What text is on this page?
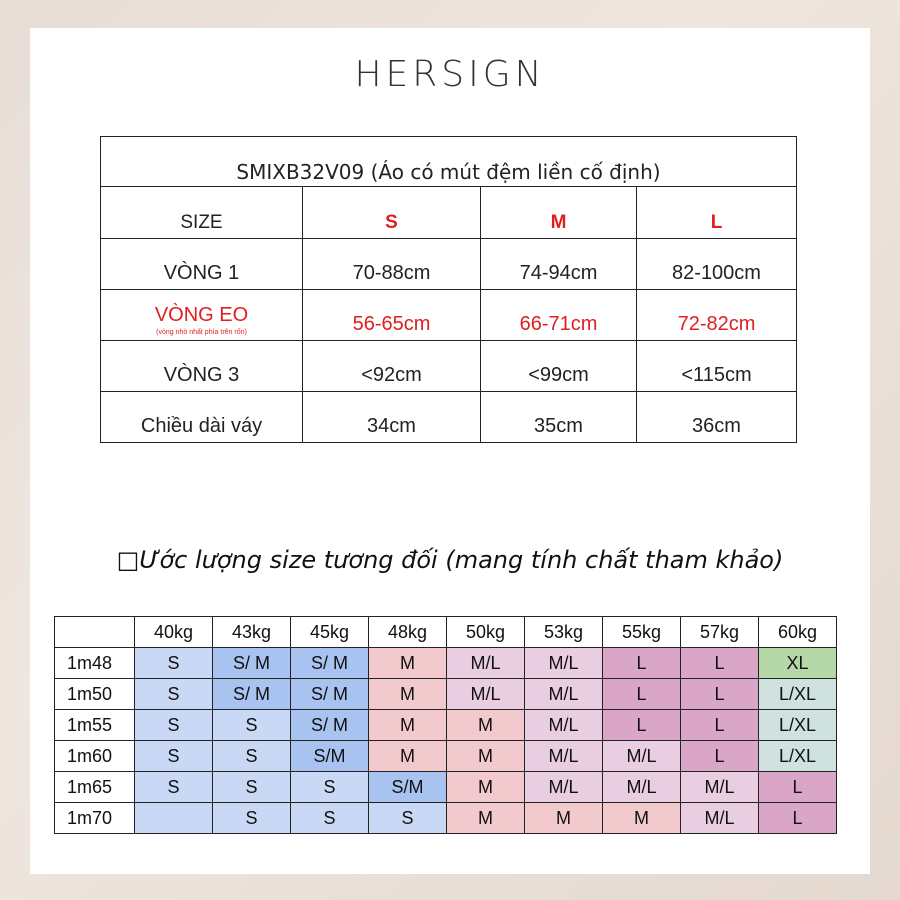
HERSIGN
SMIXB32V09 (Áo có mút đệm liền cố định)			
SIZE	S	M	L
VÒNG 1	70-88cm	74-94cm	82-100cm
VÒNG EO
(vòng nhỏ nhất phía trên rốn)	56-65cm	66-71cm	72-82cm
VÒNG 3	<92cm	<99cm	<115cm
Chiều dài váy	34cm	35cm	36cm
□Ước lượng size tương đối (mang tính chất tham khảo)
	40kg	43kg	45kg	48kg	50kg	53kg	55kg	57kg	60kg
1m48	S	S/ M	S/ M	M	M/L	M/L	L	L	XL
1m50	S	S/ M	S/ M	M	M/L	M/L	L	L	L/XL
1m55	S	S	S/ M	M	M	M/L	L	L	L/XL
1m60	S	S	S/M	M	M	M/L	M/L	L	L/XL
1m65	S	S	S	S/M	M	M/L	M/L	M/L	L
1m70		S	S	S	M	M	M	M/L	L
